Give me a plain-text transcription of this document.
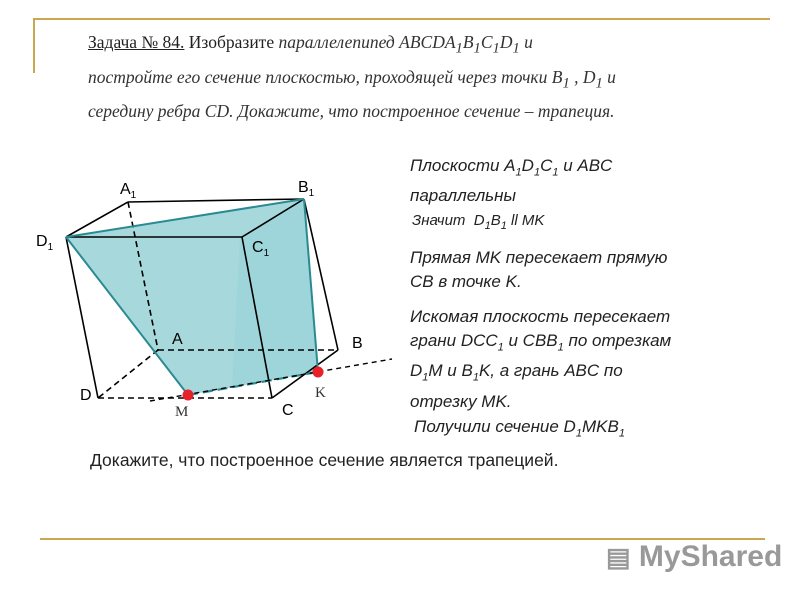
Задача № 84. Изобразите параллелепипед $ABCDA_1B_1C_1D_1$ и
постройте его сечение плоскостью, проходящей через точки $B_1$ , $D_1$ и
середину ребра CD. Докажите, что построенное сечение – трапеция.
$A_1$	$B_1$
$D_1$	$C_1$
A	B
D
C
M
K
Плоскости $A_1D_1C_1$ и ABC
параллельны
Значит  $D_1B_1$ ll MK
Прямая MK пересекает прямую
CB в точке K.
Искомая плоскость пересекает
грани $DCC_1$ и $CBB_1$ по отрезкам
$D_1M$ и $B_1K$, а грань ABC по
отрезку MK.
Получили сечение $D_1MKB_1$
Докажите, что построенное сечение является трапецией.
▤ MyShared
